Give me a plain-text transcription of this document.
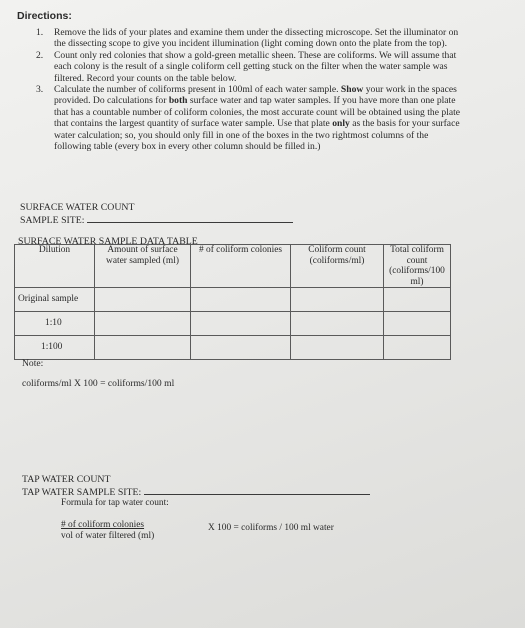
Directions:
1. Remove the lids of your plates and examine them under the dissecting microscope. Set the illuminator on the dissecting scope to give you incident illumination (light coming down onto the plate from the top).
2. Count only red colonies that show a gold-green metallic sheen. These are coliforms. We will assume that each colony is the result of a single coliform cell getting stuck on the filter when the water sample was filtered. Record your counts on the table below.
3. Calculate the number of coliforms present in 100ml of each water sample. Show your work in the spaces provided. Do calculations for both surface water and tap water samples. If you have more than one plate that has a countable number of coliform colonies, the most accurate count will be obtained using the plate that contains the largest quantity of surface water sample. Use that plate only as the basis for your surface water calculation; so, you should only fill in one of the boxes in the two rightmost columns of the following table (every box in every other column should be filled in.)
SURFACE WATER COUNT
SAMPLE SITE:
SURFACE WATER SAMPLE DATA TABLE
Dilution	Amount of surface water sampled (ml)	# of coliform colonies	Coliform count (coliforms/ml)	Total coliform count (coliforms/100 ml)
Original sample				
1:10				
1:100				
Note:
coliforms/ml X 100 = coliforms/100 ml
TAP WATER COUNT
TAP WATER SAMPLE SITE:
Formula for tap water count:
# of coliform colonies
vol of water filtered (ml)
X 100 = coliforms / 100 ml water
